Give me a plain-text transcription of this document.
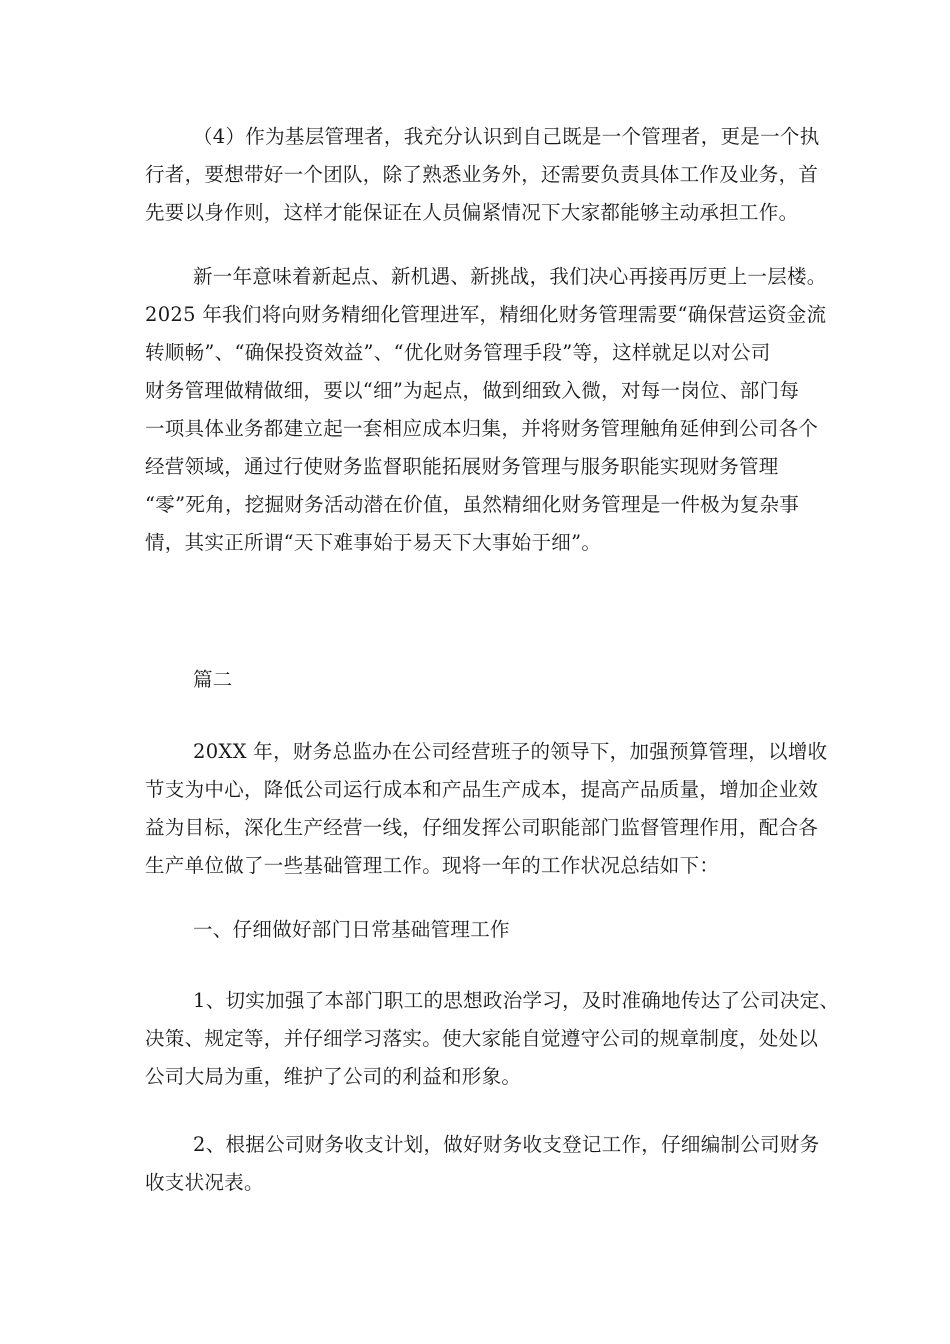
（4）作为基层管理者，我充分认识到自己既是一个管理者，更是一个执
行者，要想带好一个团队，除了熟悉业务外，还需要负责具体工作及业务，首
先要以身作则，这样才能保证在人员偏紧情况下大家都能够主动承担工作。
新一年意味着新起点、新机遇、新挑战，我们决心再接再厉更上一层楼。
2025 年我们将向财务精细化管理进军，精细化财务管理需要“确保营运资金流
转顺畅”、“确保投资效益”、“优化财务管理手段”等，这样就足以对公司
财务管理做精做细，要以“细”为起点，做到细致入微，对每一岗位、部门每
一项具体业务都建立起一套相应成本归集，并将财务管理触角延伸到公司各个
经营领域，通过行使财务监督职能拓展财务管理与服务职能实现财务管理
“零”死角，挖掘财务活动潜在价值，虽然精细化财务管理是一件极为复杂事
情，其实正所谓“天下难事始于易天下大事始于细”。
篇二
20XX 年，财务总监办在公司经营班子的领导下，加强预算管理，以增收
节支为中心，降低公司运行成本和产品生产成本，提高产品质量，增加企业效
益为目标，深化生产经营一线，仔细发挥公司职能部门监督管理作用，配合各
生产单位做了一些基础管理工作。现将一年的工作状况总结如下：
一、仔细做好部门日常基础管理工作
1、切实加强了本部门职工的思想政治学习，及时准确地传达了公司决定、
决策、规定等，并仔细学习落实。使大家能自觉遵守公司的规章制度，处处以
公司大局为重，维护了公司的利益和形象。
2、根据公司财务收支计划，做好财务收支登记工作，仔细编制公司财务
收支状况表。
